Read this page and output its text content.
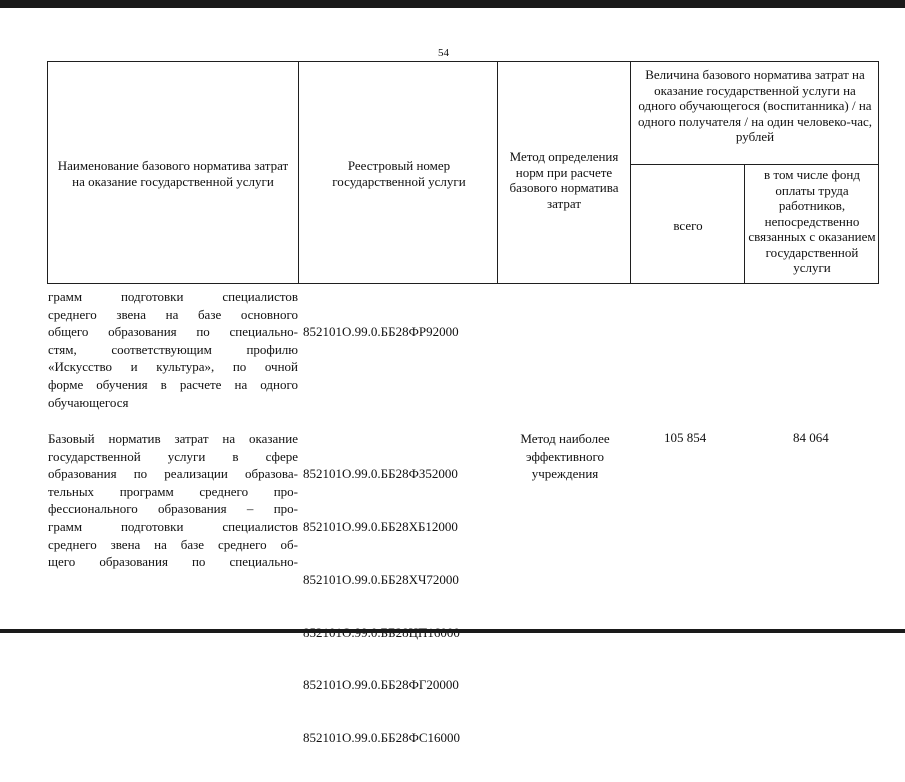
54
Наименование базового норматива затрат на оказание государственной услуги
Реестровый номер государственной услуги
Метод определения норм при расчете базового норматива затрат
Величина базового норматива затрат на оказание государственной услуги на одного обучающегося (воспитанника) / на одного получателя / на один человеко-час, рублей
всего
в том числе фонд оплаты труда работников, непосредственно связанных с оказанием государственной услуги
грамм подготовки специалистов
среднего звена на базе основного
общего образования по специально-
стям, соответствующим профилю
«Искусство и культура», по очной
форме обучения в расчете на одного
обучающегося

852101О.99.0.ББ28ФР92000

Базовый норматив затрат на оказание
государственной услуги в сфере
образования по реализации образова-
тельных программ среднего про-
фессионального образования – про-
грамм подготовки специалистов
среднего звена на базе среднего об-
щего образования по специально-

852101О.99.0.ББ28ФЗ52000

852101О.99.0.ББ28ХБ12000

852101О.99.0.ББ28ХЧ72000

852101О.99.0.ББ28ФГ20000

852101О.99.0.ББ28ФС16000

Метод наиболее эффективного учреждения
105 854	84 064
